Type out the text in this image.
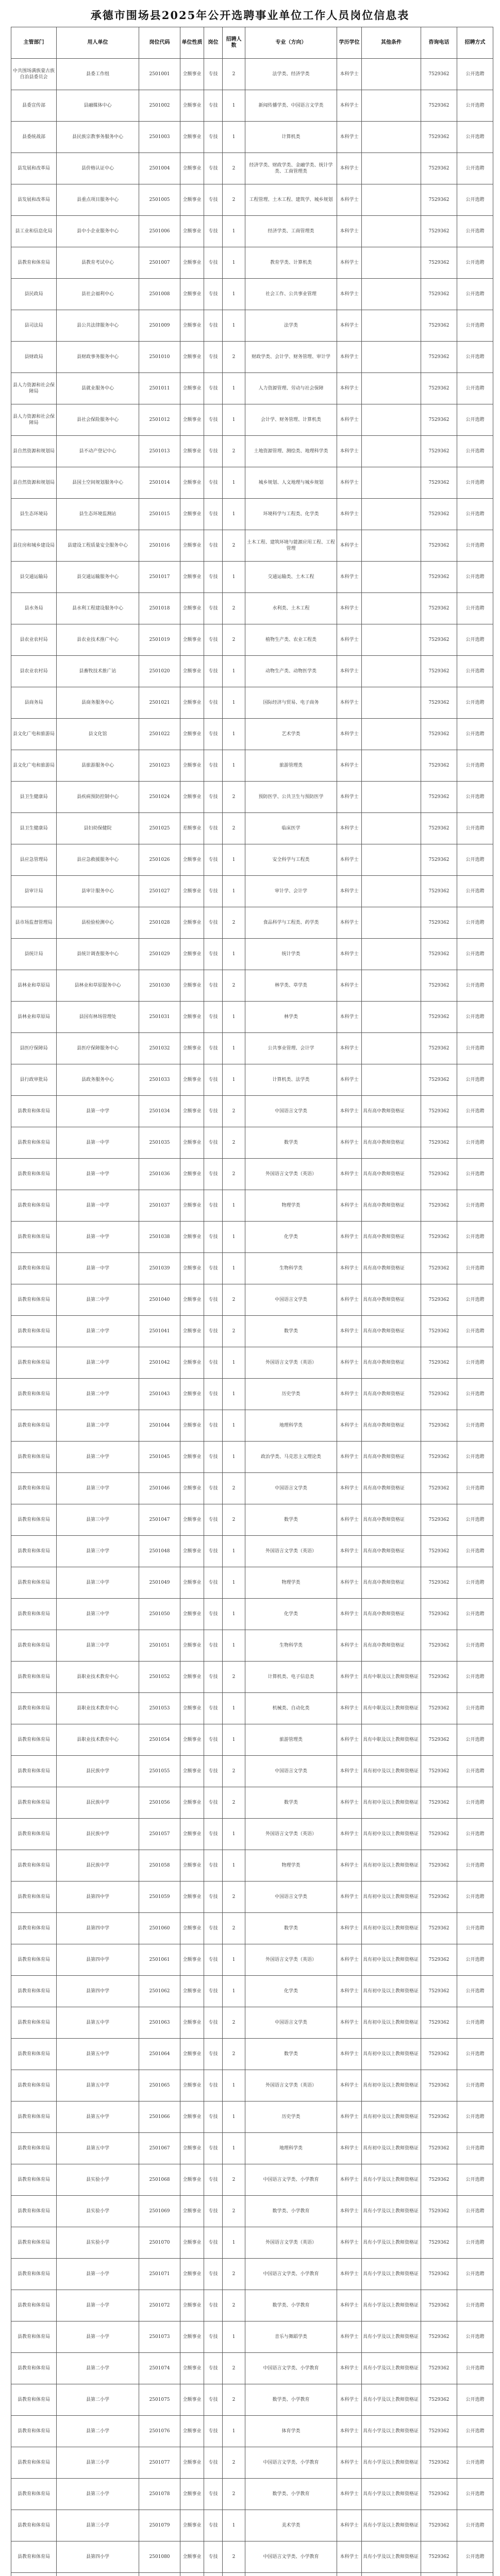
承德市围场县2025年公开选聘事业单位工作人员岗位信息表
主管部门	用人单位	岗位代码	单位性质	岗位	招聘人数	专业（方向）	学历学位	其他条件	咨询电话	招聘方式
中共围场满族蒙古族自治县委员会	县委工作组	2501001	全额事业	专技	2	法学类、经济学类	本科学士		7529362	公开选聘
县委宣传部	县融媒体中心	2501002	全额事业	专技	1	新闻传播学类、中国语言文学类	本科学士		7529362	公开选聘
县委统战部	县民族宗教事务服务中心	2501003	全额事业	专技	1	计算机类	本科学士		7529362	公开选聘
县发展和改革局	县价格认证中心	2501004	全额事业	专技	2	经济学类、财政学类、金融学类、统计学类、工商管理类	本科学士		7529362	公开选聘
县发展和改革局	县重点项目服务中心	2501005	全额事业	专技	2	工程管理、土木工程、建筑学、城乡规划	本科学士		7529362	公开选聘
县工业和信息化局	县中小企业服务中心	2501006	全额事业	专技	1	经济学类、工商管理类	本科学士		7529362	公开选聘
县教育和体育局	县教育考试中心	2501007	全额事业	专技	1	教育学类、计算机类	本科学士		7529362	公开选聘
县民政局	县社会福利中心	2501008	全额事业	专技	1	社会工作、公共事业管理	本科学士		7529362	公开选聘
县司法局	县公共法律服务中心	2501009	全额事业	专技	1	法学类	本科学士		7529362	公开选聘
县财政局	县财政事务服务中心	2501010	全额事业	专技	2	财政学类、会计学、财务管理、审计学	本科学士		7529362	公开选聘
县人力资源和社会保障局	县就业服务中心	2501011	全额事业	专技	1	人力资源管理、劳动与社会保障	本科学士		7529362	公开选聘
县人力资源和社会保障局	县社会保险服务中心	2501012	全额事业	专技	1	会计学、财务管理、计算机类	本科学士		7529362	公开选聘
县自然资源和规划局	县不动产登记中心	2501013	全额事业	专技	2	土地资源管理、测绘类、地理科学类	本科学士		7529362	公开选聘
县自然资源和规划局	县国土空间规划服务中心	2501014	全额事业	专技	1	城乡规划、人文地理与城乡规划	本科学士		7529362	公开选聘
县生态环境局	县生态环境监测站	2501015	全额事业	专技	1	环境科学与工程类、化学类	本科学士		7529362	公开选聘
县住房和城乡建设局	县建设工程质量安全服务中心	2501016	全额事业	专技	2	土木工程、建筑环境与能源应用工程、工程管理	本科学士		7529362	公开选聘
县交通运输局	县交通运输服务中心	2501017	全额事业	专技	1	交通运输类、土木工程	本科学士		7529362	公开选聘
县水务局	县水利工程建设服务中心	2501018	全额事业	专技	2	水利类、土木工程	本科学士		7529362	公开选聘
县农业农村局	县农业技术推广中心	2501019	全额事业	专技	2	植物生产类、农业工程类	本科学士		7529362	公开选聘
县农业农村局	县畜牧技术推广站	2501020	全额事业	专技	1	动物生产类、动物医学类	本科学士		7529362	公开选聘
县商务局	县商务服务中心	2501021	全额事业	专技	1	国际经济与贸易、电子商务	本科学士		7529362	公开选聘
县文化广电和旅游局	县文化馆	2501022	全额事业	专技	1	艺术学类	本科学士		7529362	公开选聘
县文化广电和旅游局	县旅游服务中心	2501023	全额事业	专技	1	旅游管理类	本科学士		7529362	公开选聘
县卫生健康局	县疾病预防控制中心	2501024	全额事业	专技	2	预防医学、公共卫生与预防医学	本科学士		7529362	公开选聘
县卫生健康局	县妇幼保健院	2501025	差额事业	专技	2	临床医学	本科学士		7529362	公开选聘
县应急管理局	县应急救援服务中心	2501026	全额事业	专技	1	安全科学与工程类	本科学士		7529362	公开选聘
县审计局	县审计服务中心	2501027	全额事业	专技	1	审计学、会计学	本科学士		7529362	公开选聘
县市场监督管理局	县检验检测中心	2501028	全额事业	专技	2	食品科学与工程类、药学类	本科学士		7529362	公开选聘
县统计局	县统计调查服务中心	2501029	全额事业	专技	1	统计学类	本科学士		7529362	公开选聘
县林业和草原局	县林业和草原服务中心	2501030	全额事业	专技	2	林学类、草学类	本科学士		7529362	公开选聘
县林业和草原局	县国有林场管理处	2501031	全额事业	专技	1	林学类	本科学士		7529362	公开选聘
县医疗保障局	县医疗保障服务中心	2501032	全额事业	专技	1	公共事业管理、会计学	本科学士		7529362	公开选聘
县行政审批局	县政务服务中心	2501033	全额事业	专技	1	计算机类、法学类	本科学士		7529362	公开选聘
县教育和体育局	县第一中学	2501034	全额事业	专技	2	中国语言文学类	本科学士	具有高中教师资格证	7529362	公开选聘
县教育和体育局	县第一中学	2501035	全额事业	专技	2	数学类	本科学士	具有高中教师资格证	7529362	公开选聘
县教育和体育局	县第一中学	2501036	全额事业	专技	2	外国语言文学类（英语）	本科学士	具有高中教师资格证	7529362	公开选聘
县教育和体育局	县第一中学	2501037	全额事业	专技	1	物理学类	本科学士	具有高中教师资格证	7529362	公开选聘
县教育和体育局	县第一中学	2501038	全额事业	专技	1	化学类	本科学士	具有高中教师资格证	7529362	公开选聘
县教育和体育局	县第一中学	2501039	全额事业	专技	1	生物科学类	本科学士	具有高中教师资格证	7529362	公开选聘
县教育和体育局	县第二中学	2501040	全额事业	专技	2	中国语言文学类	本科学士	具有高中教师资格证	7529362	公开选聘
县教育和体育局	县第二中学	2501041	全额事业	专技	2	数学类	本科学士	具有高中教师资格证	7529362	公开选聘
县教育和体育局	县第二中学	2501042	全额事业	专技	1	外国语言文学类（英语）	本科学士	具有高中教师资格证	7529362	公开选聘
县教育和体育局	县第二中学	2501043	全额事业	专技	1	历史学类	本科学士	具有高中教师资格证	7529362	公开选聘
县教育和体育局	县第二中学	2501044	全额事业	专技	1	地理科学类	本科学士	具有高中教师资格证	7529362	公开选聘
县教育和体育局	县第二中学	2501045	全额事业	专技	1	政治学类、马克思主义理论类	本科学士	具有高中教师资格证	7529362	公开选聘
县教育和体育局	县第三中学	2501046	全额事业	专技	2	中国语言文学类	本科学士	具有高中教师资格证	7529362	公开选聘
县教育和体育局	县第三中学	2501047	全额事业	专技	2	数学类	本科学士	具有高中教师资格证	7529362	公开选聘
县教育和体育局	县第三中学	2501048	全额事业	专技	1	外国语言文学类（英语）	本科学士	具有高中教师资格证	7529362	公开选聘
县教育和体育局	县第三中学	2501049	全额事业	专技	1	物理学类	本科学士	具有高中教师资格证	7529362	公开选聘
县教育和体育局	县第三中学	2501050	全额事业	专技	1	化学类	本科学士	具有高中教师资格证	7529362	公开选聘
县教育和体育局	县第三中学	2501051	全额事业	专技	1	生物科学类	本科学士	具有高中教师资格证	7529362	公开选聘
县教育和体育局	县职业技术教育中心	2501052	全额事业	专技	2	计算机类、电子信息类	本科学士	具有中职及以上教师资格证	7529362	公开选聘
县教育和体育局	县职业技术教育中心	2501053	全额事业	专技	1	机械类、自动化类	本科学士	具有中职及以上教师资格证	7529362	公开选聘
县教育和体育局	县职业技术教育中心	2501054	全额事业	专技	1	旅游管理类	本科学士	具有中职及以上教师资格证	7529362	公开选聘
县教育和体育局	县民族中学	2501055	全额事业	专技	2	中国语言文学类	本科学士	具有初中及以上教师资格证	7529362	公开选聘
县教育和体育局	县民族中学	2501056	全额事业	专技	2	数学类	本科学士	具有初中及以上教师资格证	7529362	公开选聘
县教育和体育局	县民族中学	2501057	全额事业	专技	1	外国语言文学类（英语）	本科学士	具有初中及以上教师资格证	7529362	公开选聘
县教育和体育局	县民族中学	2501058	全额事业	专技	1	物理学类	本科学士	具有初中及以上教师资格证	7529362	公开选聘
县教育和体育局	县第四中学	2501059	全额事业	专技	2	中国语言文学类	本科学士	具有初中及以上教师资格证	7529362	公开选聘
县教育和体育局	县第四中学	2501060	全额事业	专技	2	数学类	本科学士	具有初中及以上教师资格证	7529362	公开选聘
县教育和体育局	县第四中学	2501061	全额事业	专技	1	外国语言文学类（英语）	本科学士	具有初中及以上教师资格证	7529362	公开选聘
县教育和体育局	县第四中学	2501062	全额事业	专技	1	化学类	本科学士	具有初中及以上教师资格证	7529362	公开选聘
县教育和体育局	县第五中学	2501063	全额事业	专技	2	中国语言文学类	本科学士	具有初中及以上教师资格证	7529362	公开选聘
县教育和体育局	县第五中学	2501064	全额事业	专技	2	数学类	本科学士	具有初中及以上教师资格证	7529362	公开选聘
县教育和体育局	县第五中学	2501065	全额事业	专技	1	外国语言文学类（英语）	本科学士	具有初中及以上教师资格证	7529362	公开选聘
县教育和体育局	县第五中学	2501066	全额事业	专技	1	历史学类	本科学士	具有初中及以上教师资格证	7529362	公开选聘
县教育和体育局	县第五中学	2501067	全额事业	专技	1	地理科学类	本科学士	具有初中及以上教师资格证	7529362	公开选聘
县教育和体育局	县实验小学	2501068	全额事业	专技	2	中国语言文学类、小学教育	本科学士	具有小学及以上教师资格证	7529362	公开选聘
县教育和体育局	县实验小学	2501069	全额事业	专技	2	数学类、小学教育	本科学士	具有小学及以上教师资格证	7529362	公开选聘
县教育和体育局	县实验小学	2501070	全额事业	专技	1	外国语言文学类（英语）	本科学士	具有小学及以上教师资格证	7529362	公开选聘
县教育和体育局	县第一小学	2501071	全额事业	专技	2	中国语言文学类、小学教育	本科学士	具有小学及以上教师资格证	7529362	公开选聘
县教育和体育局	县第一小学	2501072	全额事业	专技	2	数学类、小学教育	本科学士	具有小学及以上教师资格证	7529362	公开选聘
县教育和体育局	县第一小学	2501073	全额事业	专技	1	音乐与舞蹈学类	本科学士	具有小学及以上教师资格证	7529362	公开选聘
县教育和体育局	县第二小学	2501074	全额事业	专技	2	中国语言文学类、小学教育	本科学士	具有小学及以上教师资格证	7529362	公开选聘
县教育和体育局	县第二小学	2501075	全额事业	专技	2	数学类、小学教育	本科学士	具有小学及以上教师资格证	7529362	公开选聘
县教育和体育局	县第二小学	2501076	全额事业	专技	1	体育学类	本科学士	具有小学及以上教师资格证	7529362	公开选聘
县教育和体育局	县第三小学	2501077	全额事业	专技	2	中国语言文学类、小学教育	本科学士	具有小学及以上教师资格证	7529362	公开选聘
县教育和体育局	县第三小学	2501078	全额事业	专技	2	数学类、小学教育	本科学士	具有小学及以上教师资格证	7529362	公开选聘
县教育和体育局	县第三小学	2501079	全额事业	专技	1	美术学类	本科学士	具有小学及以上教师资格证	7529362	公开选聘
县教育和体育局	县第四小学	2501080	全额事业	专技	2	中国语言文学类、小学教育	本科学士	具有小学及以上教师资格证	7529362	公开选聘
